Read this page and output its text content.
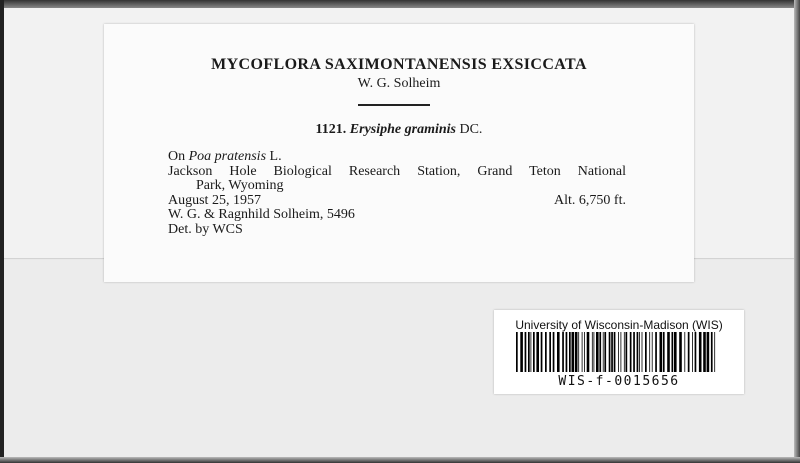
MYCOFLORA SAXIMONTANENSIS EXSICCATA
W. G. Solheim
1121. Erysiphe graminis DC.
On Poa pratensis L.
Jackson Hole Biological Research Station, Grand Teton National
Park, Wyoming
August 25, 1957	Alt. 6,750 ft.
W. G. & Ragnhild Solheim, 5496
Det. by WCS
University of Wisconsin-Madison (WIS)
WIS-f-0015656
